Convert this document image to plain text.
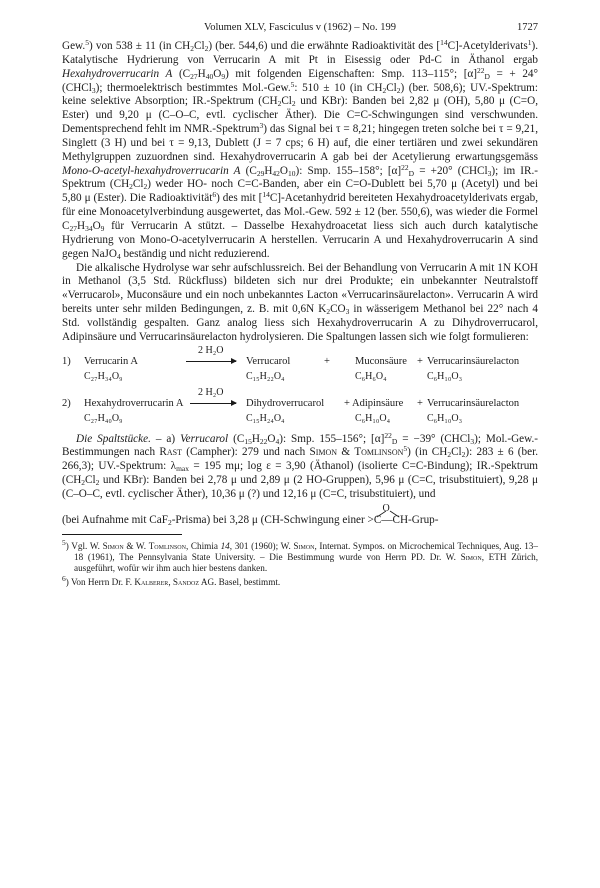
Volumen XLV, Fasciculus v (1962) – No. 199	1727

Gew.$^5$) von 538 ± 11 (in $CH_2Cl_2$) (ber. 544,6) und die erwähnte Radioaktivität des [$^{14}$C]-Acetylderivats$^1$). Katalytische Hydrierung von Verrucarin A mit Pt in Eisessig oder Pd-C in Äthanol ergab Hexahydroverrucarin A $(C_{27}H_{40}O_9)$ mit folgenden Eigenschaften: Smp. 113–115°; $[\alpha]^{22}_D$ = + 24° (CHCl$_3$); thermoelektrisch bestimmtes Mol.-Gew.$^5$: 510 ± 10 (in $CH_2Cl_2$) (ber. 508,6); UV.-Spektrum: keine selektive Absorption; IR.-Spektrum ($CH_2Cl_2$ und KBr): Banden bei 2,82 μ (OH), 5,80 μ (C=O, Ester) und 9,20 μ (C–O–C, evtl. cyclischer Äther). Die C=C-Schwingungen sind verschwunden. Dementsprechend fehlt im NMR.-Spektrum$^3$) das Signal bei τ = 8,21; hingegen treten solche bei τ = 9,21, Singlett (3 H) und bei τ = 9,13, Dublett (J = 7 cps; 6 H) auf, die einer tertiären und zwei sekundären Methylgruppen zuzuordnen sind. Hexahydroverrucarin A gab bei der Acetylierung erwartungsgemäss Mono-O-acetyl-hexahydroverrucarin A $(C_{29}H_{42}O_{10})$: Smp. 155–158°; $[\alpha]^{22}_D = +20^\circ$ (CHCl$_3$); im IR.-Spektrum $(CH_2Cl_2)$ weder HO- noch C=C-Banden, aber ein C=O-Dublett bei 5,70 μ (Acetyl) und bei 5,80 μ (Ester). Die Radioaktivität$^6$) des mit [$^{14}$C]-Acetanhydrid bereiteten Hexahydroacetylderivats ergab, für eine Monoacetylverbindung ausgewertet, das Mol.-Gew. 592 ± 12 (ber. 550,6), was wieder die Formel $C_{27}H_{34}O_9$ für Verrucarin A stützt. – Dasselbe Hexahydroacetat liess sich auch durch katalytische Hydrierung von Mono-O-acetylverrucarin A herstellen. Verrucarin A und Hexahydroverrucarin A sind gegen NaJO$_4$ beständig und nicht reduzierend.

Die alkalische Hydrolyse war sehr aufschlussreich. Bei der Behandlung von Verrucarin A mit 1N KOH in Methanol (3,5 Std. Rückfluss) bildeten sich nur drei Produkte; ein unbekannter Neutralstoff «Verrucarol», Muconsäure und ein noch unbekanntes Lacton «Verrucarinsäurelacton». Verrucarin A wird bereits unter sehr milden Bedingungen, z. B. mit 0,6N $K_2CO_3$ in wässerigem Methanol bei 22° nach 4 Std. vollständig gespalten. Ganz analog liess sich Hexahydroverrucarin A zu Dihydroverrucarol, Adipinsäure und Verrucarinsäurelacton hydrolysieren. Die Spaltungen lassen sich wie folgt formulieren:

1) Verrucarin A
C₂₇H₃₄O₉
2 H₂O
Verrucarol
C₁₅H₂₂O₄
+ Muconsäure
C₆H₆O₄
+ Verrucarinsäurelacton
C₆H₁₀O₃
2) Hexahydroverrucarin A
C₂₇H₄₀O₉
2 H₂O
Dihydroverrucarol
C₁₅H₂₄O₄
+ Adipinsäure
C₆H₁₀O₄
+ Verrucarinsäurelacton
C₆H₁₀O₃

Die Spaltstücke. – a) Verrucarol $(C_{15}H_{22}O_4)$: Smp. 155–156°; $[\alpha]^{22}_D = -39^\circ$ (CHCl$_3$); Mol.-Gew.-Bestimmungen nach Rast (Campher): 279 und nach Simon & Tomlinson$^5$) (in $CH_2Cl_2$): 283 ± 6 (ber. 266,3); UV.-Spektrum: $\lambda_{max} = 195$ mμ; log ε = 3,90 (Äthanol) (isolierte C=C-Bindung); IR.-Spektrum ($CH_2Cl_2$ und KBr): Banden bei 2,78 μ und 2,89 μ (2 HO-Gruppen), 5,96 μ (C=C, trisubstituiert), 9,28 μ (C–O–C, evtl. cyclischer Äther), 10,36 μ (?) und 12,16 μ (C=C, trisubstituiert), und

(bei Aufnahme mit CaF$_2$-Prisma) bei 3,28 μ (CH-Schwingung einer
O
>C—CH-Grup-

$^5$) Vgl. W. Simon & W. Tomlinson, Chimia 14, 301 (1960); W. Simon, Internat. Sympos. on Microchemical Techniques, Aug. 13–18 (1961), The Pennsylvania State University. – Die Bestimmung wurde von Herrn PD. Dr. W. Simon, ETH Zürich, ausgeführt, wofür wir ihm auch hier bestens danken.

$^6$) Von Herrn Dr. F. Kalberer, Sandoz AG. Basel, bestimmt.
